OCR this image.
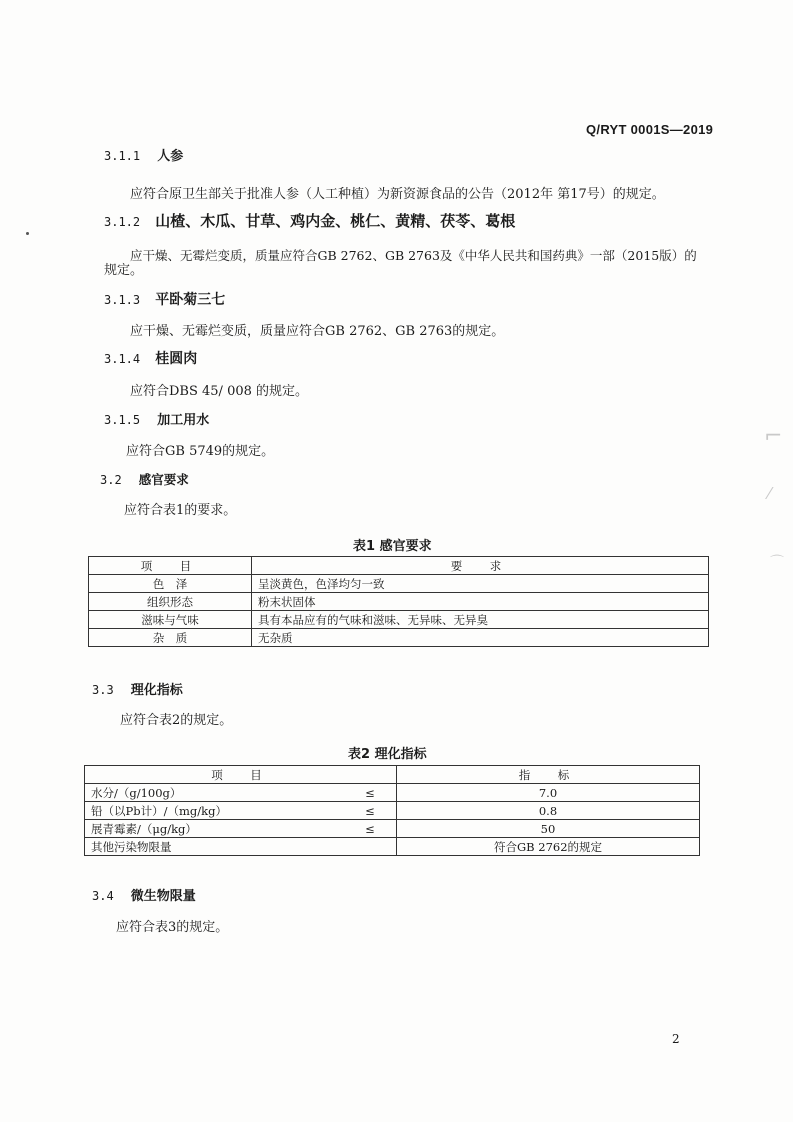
Q/RYT 0001S—2019
3.1.1 人参
应符合原卫生部关于批准人参（人工种植）为新资源食品的公告（2012年 第17号）的规定。
3.1.2 山楂、木瓜、甘草、鸡内金、桃仁、黄精、茯苓、葛根
应干燥、无霉烂变质，质量应符合GB 2762、GB 2763及《中华人民共和国药典》一部（2015版）的
规定。
3.1.3 平卧菊三七
应干燥、无霉烂变质，质量应符合GB 2762、GB 2763的规定。
3.1.4 桂圆肉
应符合DBS 45/ 008 的规定。
3.1.5 加工用水
应符合GB 5749的规定。
3.2 感官要求
应符合表1的要求。
表1 感官要求
项　目	要　求
色　泽	呈淡黄色，色泽均匀一致
组织形态	粉末状固体
滋味与气味	具有本品应有的气味和滋味、无异味、无异臭
杂　质	无杂质
3.3 理化指标
应符合表2的规定。
表2 理化指标
项　目		指　标
水分/（g/100g）	≤	7.0
铅（以Pb计）/（mg/kg）	≤	0.8
展青霉素/（μg/kg）	≤	50
其他污染物限量		符合GB 2762的规定
3.4 微生物限量
应符合表3的规定。
⌐
⁄
⌒
2
